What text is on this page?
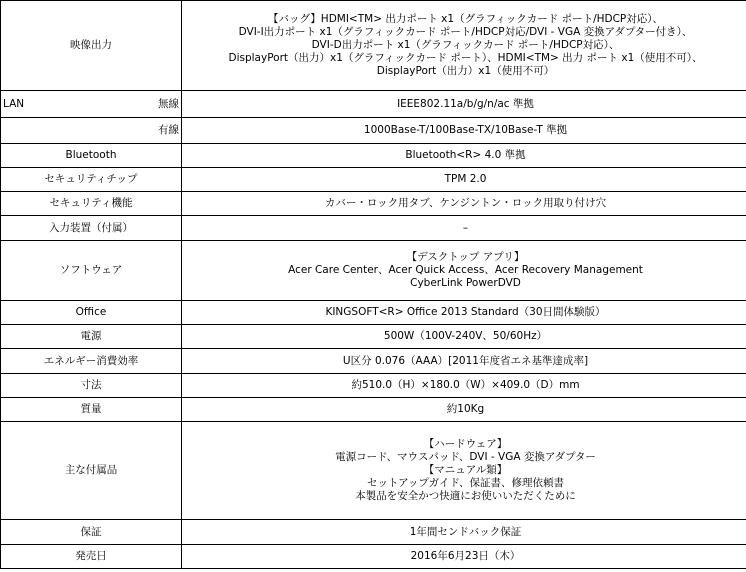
映像出力	【バッグ】HDMI<TM> 出力ポート x1（グラフィックカード ポート/HDCP対応）、
DVI-I出力ポート x1（グラフィックカード ポート/HDCP対応/DVI - VGA 変換アダプター付き）、
DVI-D出力ポート x1（グラフィックカード ポート/HDCP対応）、
DisplayPort（出力）x1（グラフィックカード ポート）、HDMI<TM> 出力 ポート x1（使用不可）、
DisplayPort（出力）x1（使用不可）

LAN 無線	IEEE802.11a/b/g/n/ac 準拠

有線	1000Base-T/100Base-TX/10Base-T 準拠

Bluetooth	Bluetooth<R> 4.0 準拠

セキュリティチップ	TPM 2.0

セキュリティ機能	カバー・ロック用タブ、ケンジントン・ロック用取り付け穴

入力装置（付属）	–

ソフトウェア	【デスクトップ アプリ】
Acer Care Center、Acer Quick Access、Acer Recovery Management
CyberLink PowerDVD

Office	KINGSOFT<R> Office 2013 Standard（30日間体験版）

電源	500W（100V-240V、50/60Hz）

エネルギー消費効率	U区分 0.076（AAA）[2011年度省エネ基準達成率]

寸法	約510.0（H）×180.0（W）×409.0（D）mm

質量	約10Kg

主な付属品	【ハードウェア】
電源コード、マウスパッド、DVI - VGA 変換アダプター
【マニュアル類】
セットアップガイド、保証書、修理依頼書
本製品を安全かつ快適にお使いいただくために

保証	1年間センドバック保証

発売日	2016年6月23日（木）
